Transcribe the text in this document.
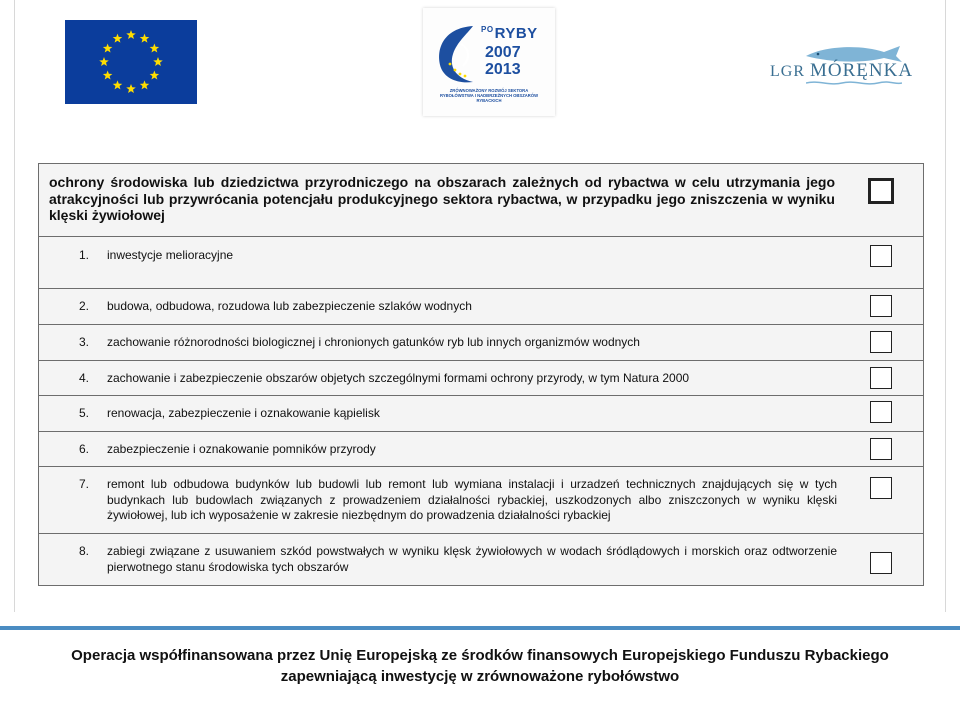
$^{PO}$RYBY
2007
2013
ZRÓWNOWAŻONY ROZWÓJ SEKTORA RYBOŁÓWSTWA I NADBRZEŻNYCH OBSZARÓW RYBACKICH
LGR MÓRĘNKA
ochrony środowiska lub dziedzictwa przyrodniczego na obszarach zależnych od rybactwa w celu utrzymania jego atrakcyjności lub przywrócania potencjału produkcyjnego sektora rybactwa, w przypadku jego zniszczenia w wyniku klęski żywiołowej
1. inwestycje melioracyjne
2. budowa, odbudowa, rozudowa lub zabezpieczenie szlaków wodnych
3. zachowanie różnorodności biologicznej i chronionych gatunków ryb lub innych organizmów wodnych
4. zachowanie i zabezpieczenie obszarów objetych szczególnymi formami ochrony przyrody, w tym Natura 2000
5. renowacja, zabezpieczenie i oznakowanie kąpielisk
6. zabezpieczenie i oznakowanie pomników przyrody
7. remont lub odbudowa budynków lub budowli lub remont lub wymiana instalacji i urzadzeń technicznych znajdujących się w tych budynkach lub budowlach związanych z prowadzeniem działalności rybackiej, uszkodzonych albo zniszczonych w wyniku klęski żywiołowej, lub ich wyposażenie w zakresie niezbędnym do prowadzenia działalności rybackiej
8. zabiegi związane z usuwaniem szkód powstwałych w wyniku klęsk żywiołowych w wodach śródlądowych i morskich oraz odtworzenie pierwotnego stanu środowiska tych obszarów
Operacja współfinansowana przez Unię Europejską ze środków finansowych Europejskiego Funduszu Rybackiego
zapewniającą inwestycję w zrównoważone rybołówstwo
